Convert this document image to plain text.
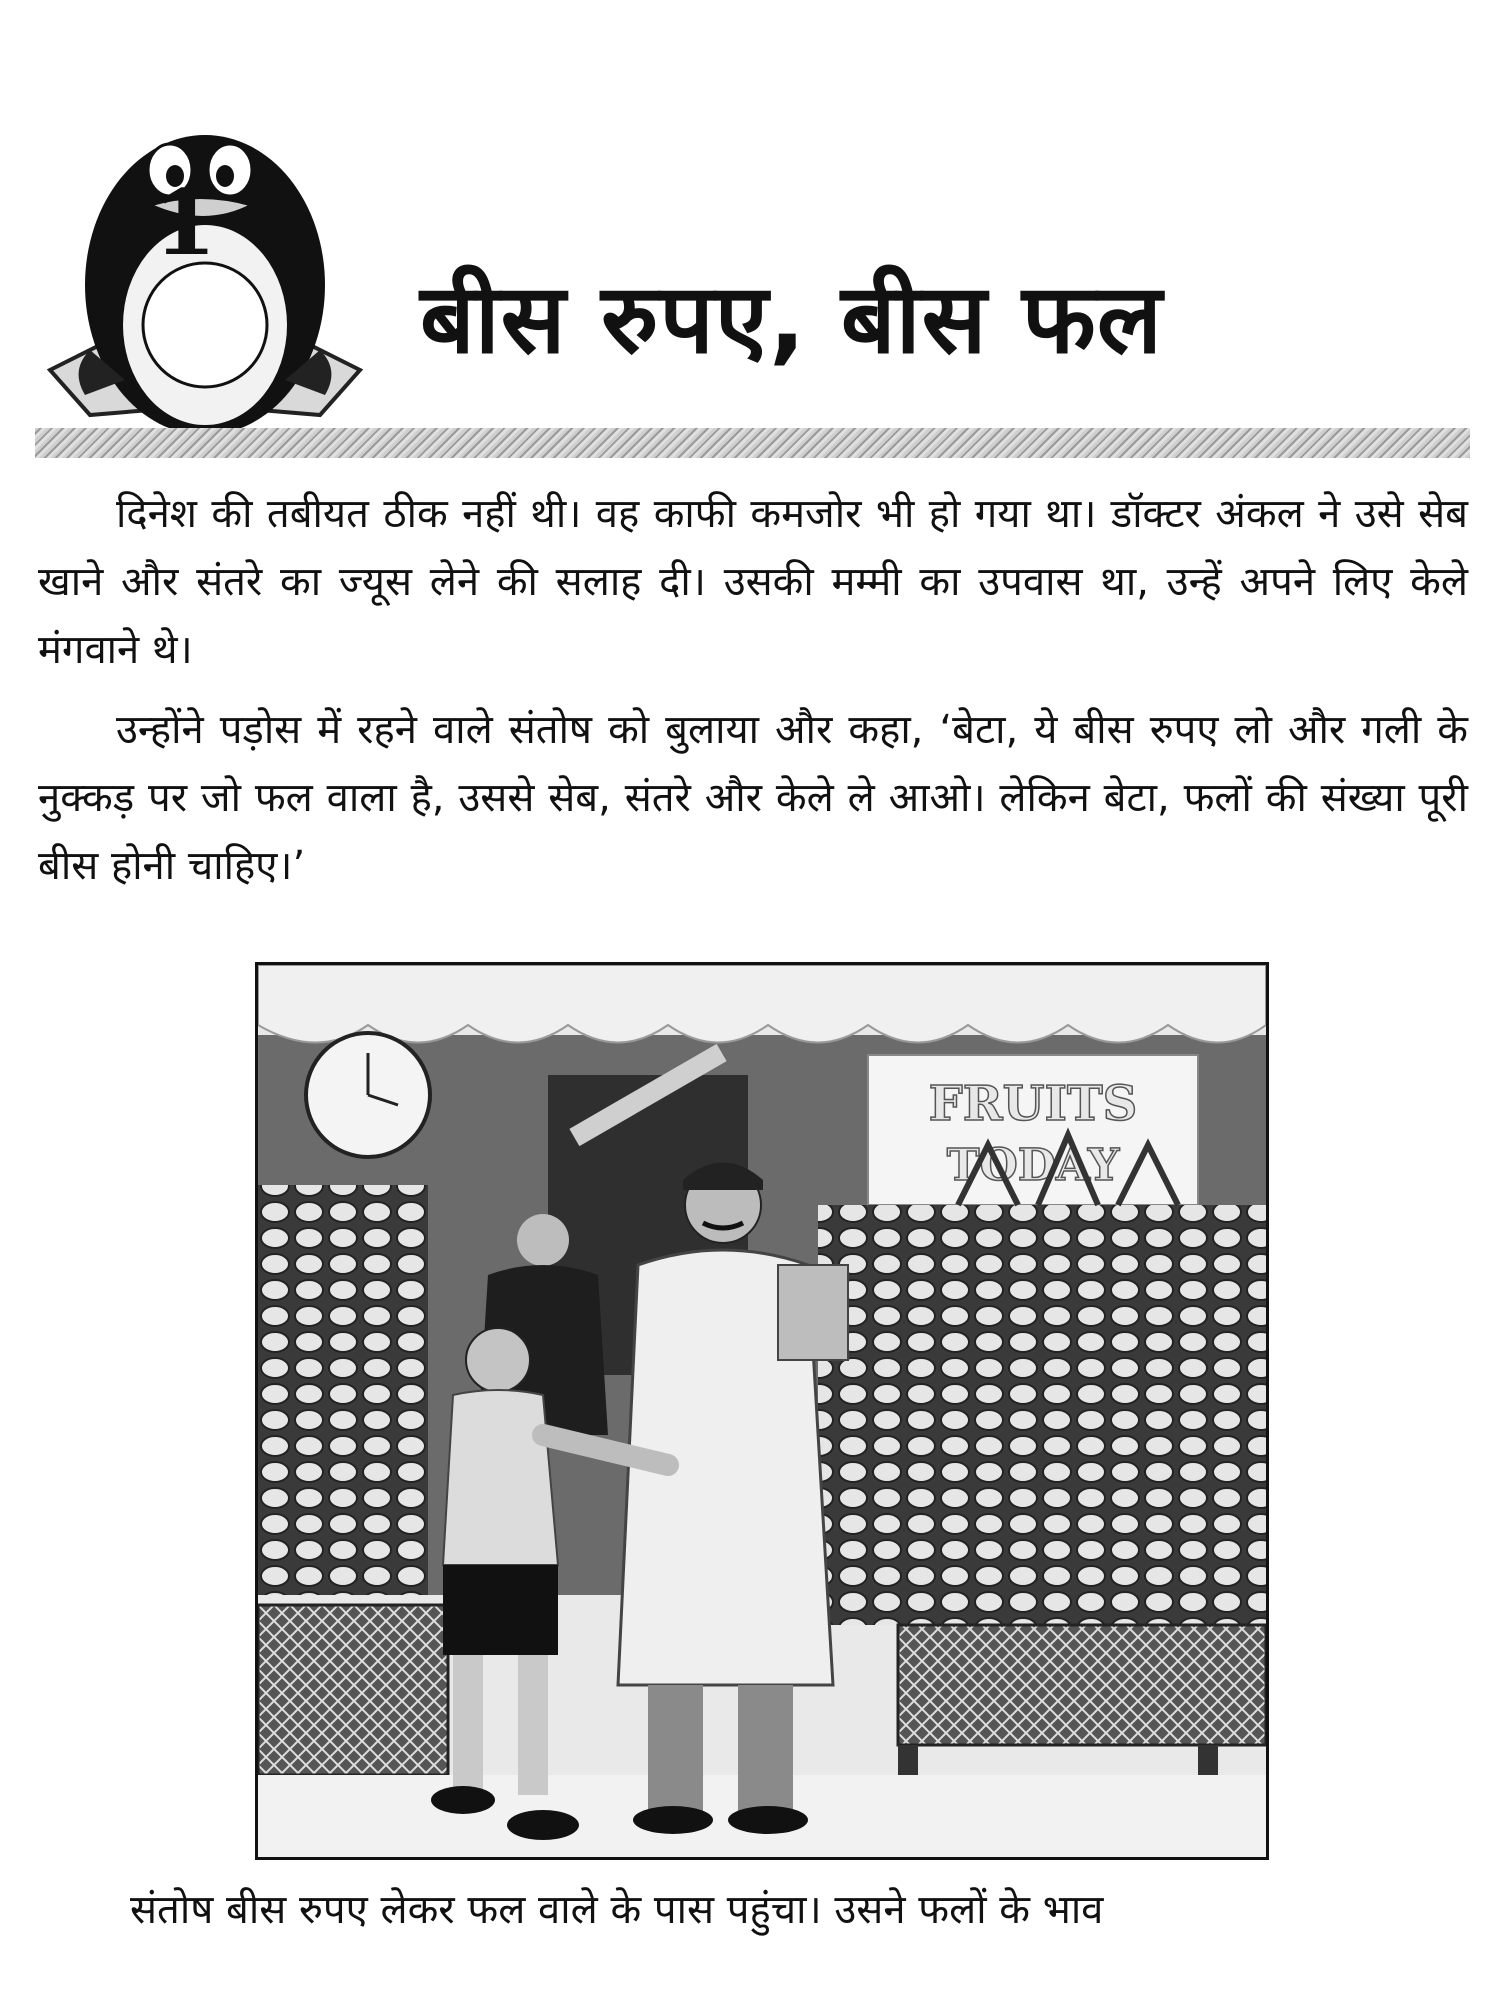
1
बीस रुपए, बीस फल

दिनेश की तबीयत ठीक नहीं थी। वह काफी कमजोर भी हो गया था। डॉक्टर अंकल ने उसे सेब खाने और संतरे का ज्यूस लेने की सलाह दी। उसकी मम्मी का उपवास था, उन्हें अपने लिए केले मंगवाने थे।

उन्होंने पड़ोस में रहने वाले संतोष को बुलाया और कहा, ‘बेटा, ये बीस रुपए लो और गली के नुक्कड़ पर जो फल वाला है, उससे सेब, संतरे और केले ले आओ। लेकिन बेटा, फलों की संख्या पूरी बीस होनी चाहिए।’

FRUITS
TODAY

संतोष बीस रुपए लेकर फल वाले के पास पहुंचा। उसने फलों के भाव
